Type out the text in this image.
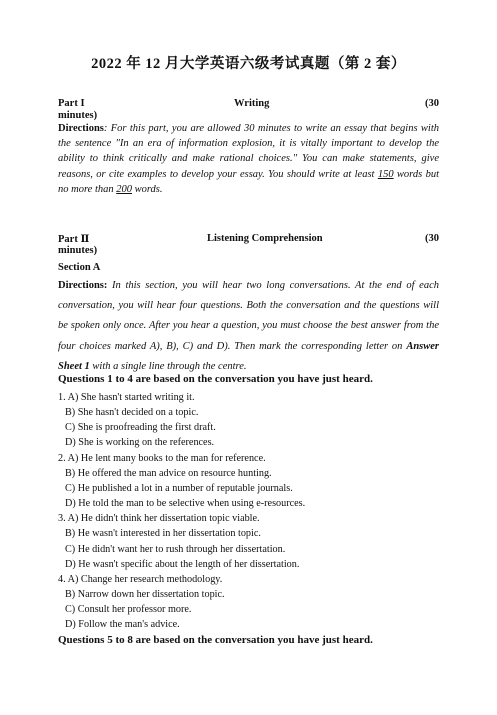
2022 年 12 月大学英语六级考试真题（第 2 套）
Part I	Writing	(30
minutes)
Directions: For this part, you are allowed 30 minutes to write an essay that begins with the sentence "In an era of information explosion, it is vitally important to develop the ability to think critically and make rational choices." You can make statements, give reasons, or cite examples to develop your essay. You should write at least 150 words but no more than 200 words.
Part Ⅱ	Listening Comprehension	(30
minutes)
Section A
Directions: In this section, you will hear two long conversations. At the end of each conversation, you will hear four questions. Both the conversation and the questions will be spoken only once. After you hear a question, you must choose the best answer from the four choices marked A), B), C) and D). Then mark the corresponding letter on Answer Sheet 1 with a single line through the centre.
Questions 1 to 4 are based on the conversation you have just heard.
1. A) She hasn't started writing it.
B) She hasn't decided on a topic.
C) She is proofreading the first draft.
D) She is working on the references.
2. A) He lent many books to the man for reference.
B) He offered the man advice on resource hunting.
C) He published a lot in a number of reputable journals.
D) He told the man to be selective when using e-resources.
3. A) He didn't think her dissertation topic viable.
B) He wasn't interested in her dissertation topic.
C) He didn't want her to rush through her dissertation.
D) He wasn't specific about the length of her dissertation.
4. A) Change her research methodology.
B) Narrow down her dissertation topic.
C) Consult her professor more.
D) Follow the man's advice.
Questions 5 to 8 are based on the conversation you have just heard.
